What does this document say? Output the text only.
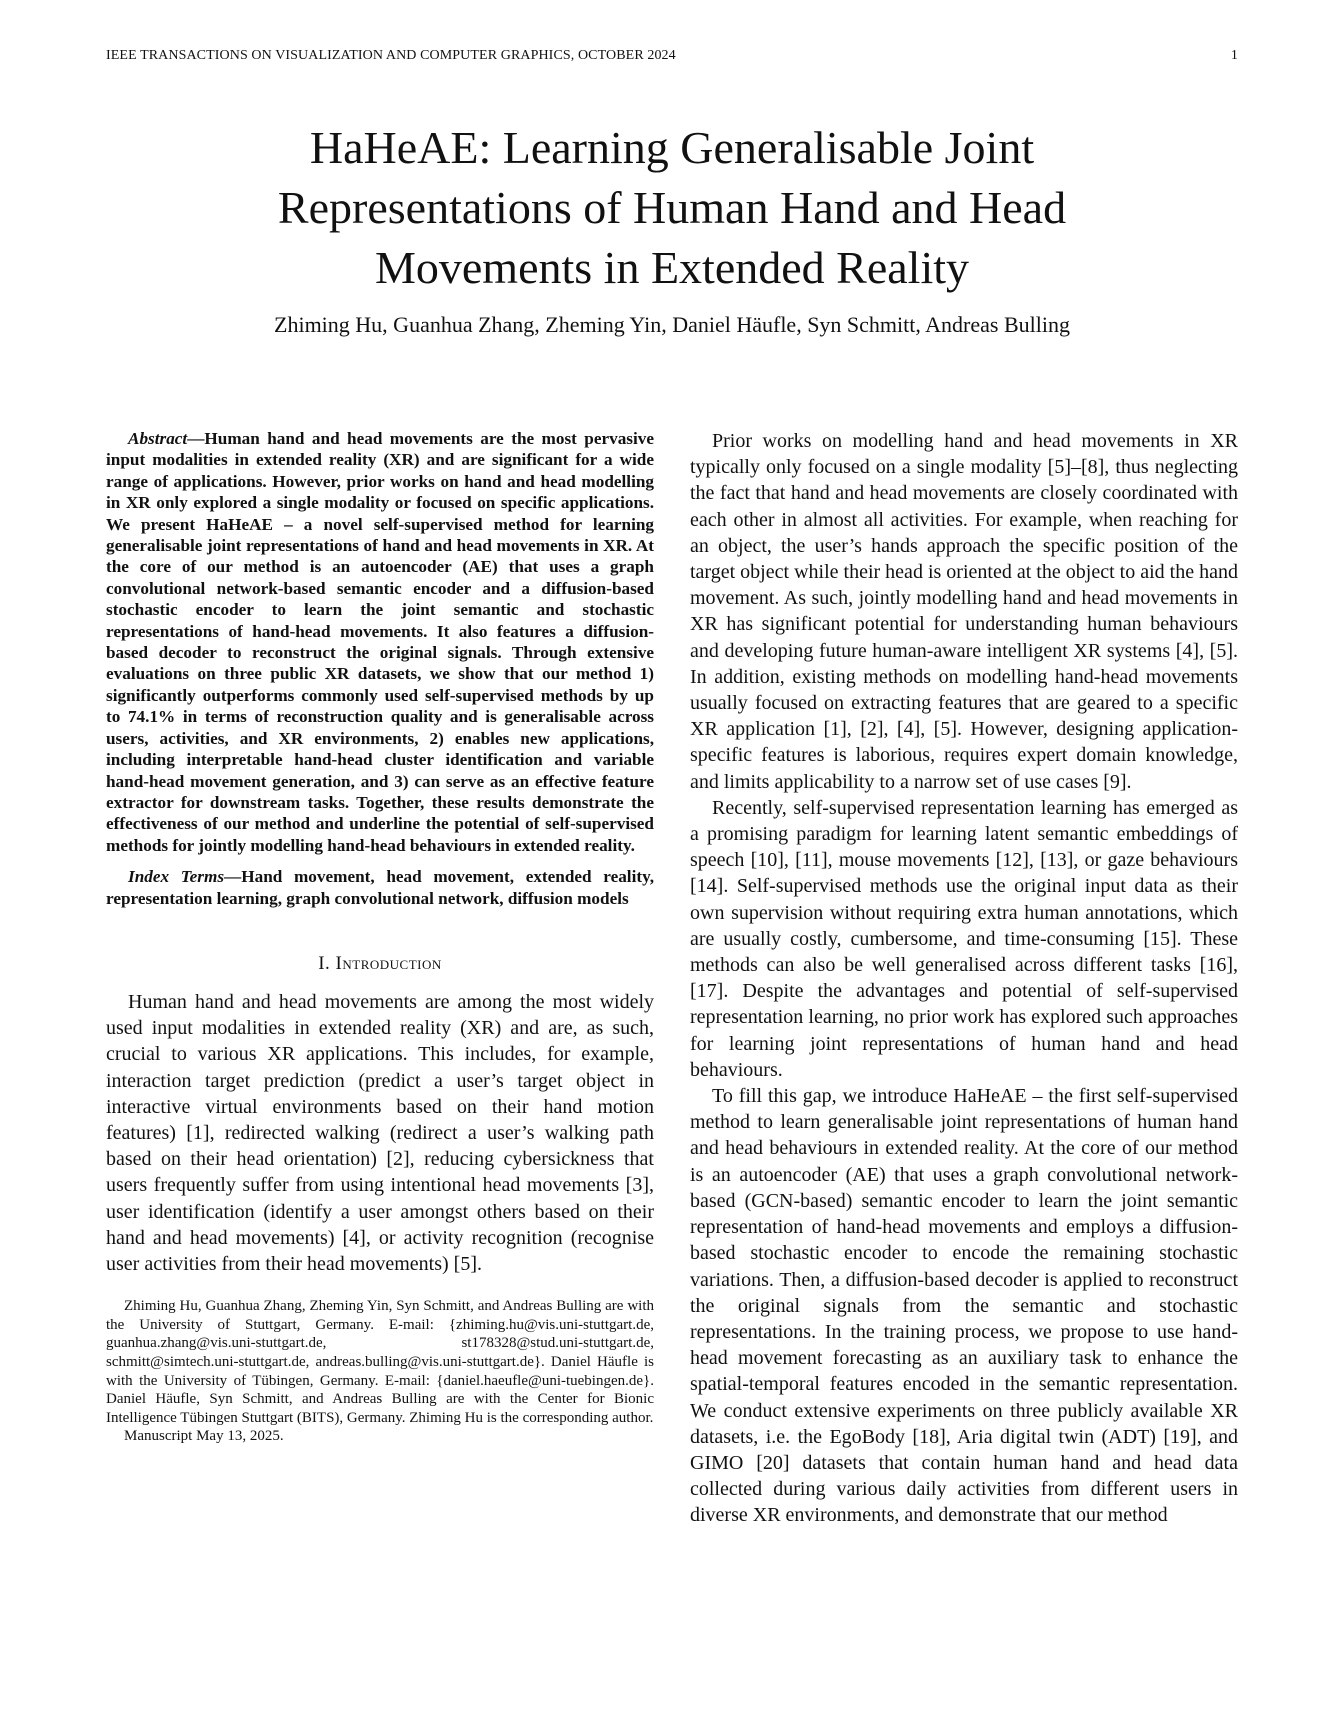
IEEE TRANSACTIONS ON VISUALIZATION AND COMPUTER GRAPHICS, OCTOBER 2024	1
HaHeAE: Learning Generalisable Joint
Representations of Human Hand and Head
Movements in Extended Reality
Zhiming Hu, Guanhua Zhang, Zheming Yin, Daniel Häufle, Syn Schmitt, Andreas Bulling

Abstract—Human hand and head movements are the most pervasive input modalities in extended reality (XR) and are significant for a wide range of applications. However, prior works on hand and head modelling in XR only explored a single modality or focused on specific applications. We present HaHeAE – a novel self-supervised method for learning generalisable joint representations of hand and head movements in XR. At the core of our method is an autoencoder (AE) that uses a graph convolutional network-based semantic encoder and a diffusion-based stochastic encoder to learn the joint semantic and stochastic representations of hand-head movements. It also features a diffusion-based decoder to reconstruct the original signals. Through extensive evaluations on three public XR datasets, we show that our method 1) significantly outperforms commonly used self-supervised methods by up to 74.1% in terms of reconstruction quality and is generalisable across users, activities, and XR environments, 2) enables new applications, including interpretable hand-head cluster identification and variable hand-head movement generation, and 3) can serve as an effective feature extractor for downstream tasks. Together, these results demonstrate the effectiveness of our method and underline the potential of self-supervised methods for jointly modelling hand-head behaviours in extended reality.

Index Terms—Hand movement, head movement, extended reality, representation learning, graph convolutional network, diffusion models

I. Introduction

Human hand and head movements are among the most widely used input modalities in extended reality (XR) and are, as such, crucial to various XR applications. This includes, for example, interaction target prediction (predict a user’s target object in interactive virtual environments based on their hand motion features) [1], redirected walking (redirect a user’s walking path based on their head orientation) [2], reducing cybersickness that users frequently suffer from using intentional head movements [3], user identification (identify a user amongst others based on their hand and head movements) [4], or activity recognition (recognise user activities from their head movements) [5].

Zhiming Hu, Guanhua Zhang, Zheming Yin, Syn Schmitt, and Andreas Bulling are with the University of Stuttgart, Germany. E-mail: {zhiming.hu@vis.uni-stuttgart.de, guanhua.zhang@vis.uni-stuttgart.de, st178328@stud.uni-stuttgart.de, schmitt@simtech.uni-stuttgart.de, andreas.bulling@vis.uni-stuttgart.de}. Daniel Häufle is with the University of Tübingen, Germany. E-mail: {daniel.haeufle@uni-tuebingen.de}. Daniel Häufle, Syn Schmitt, and Andreas Bulling are with the Center for Bionic Intelligence Tübingen Stuttgart (BITS), Germany. Zhiming Hu is the corresponding author.

Manuscript May 13, 2025.

Prior works on modelling hand and head movements in XR typically only focused on a single modality [5]–[8], thus neglecting the fact that hand and head movements are closely coordinated with each other in almost all activities. For example, when reaching for an object, the user’s hands approach the specific position of the target object while their head is oriented at the object to aid the hand movement. As such, jointly modelling hand and head movements in XR has significant potential for understanding human behaviours and developing future human-aware intelligent XR systems [4], [5]. In addition, existing methods on modelling hand-head movements usually focused on extracting features that are geared to a specific XR application [1], [2], [4], [5]. However, designing application-specific features is laborious, requires expert domain knowledge, and limits applicability to a narrow set of use cases [9].

Recently, self-supervised representation learning has emerged as a promising paradigm for learning latent semantic embeddings of speech [10], [11], mouse movements [12], [13], or gaze behaviours [14]. Self-supervised methods use the original input data as their own supervision without requiring extra human annotations, which are usually costly, cumbersome, and time-consuming [15]. These methods can also be well generalised across different tasks [16], [17]. Despite the advantages and potential of self-supervised representation learning, no prior work has explored such approaches for learning joint representations of human hand and head behaviours.

To fill this gap, we introduce HaHeAE – the first self-supervised method to learn generalisable joint representations of human hand and head behaviours in extended reality. At the core of our method is an autoencoder (AE) that uses a graph convolutional network-based (GCN-based) semantic encoder to learn the joint semantic representation of hand-head movements and employs a diffusion-based stochastic encoder to encode the remaining stochastic variations. Then, a diffusion-based decoder is applied to reconstruct the original signals from the semantic and stochastic representations. In the training process, we propose to use hand-head movement forecasting as an auxiliary task to enhance the spatial-temporal features encoded in the semantic representation. We conduct extensive experiments on three publicly available XR datasets, i.e. the EgoBody [18], Aria digital twin (ADT) [19], and GIMO [20] datasets that contain human hand and head data collected during various daily activities from different users in diverse XR environments, and demonstrate that our method
